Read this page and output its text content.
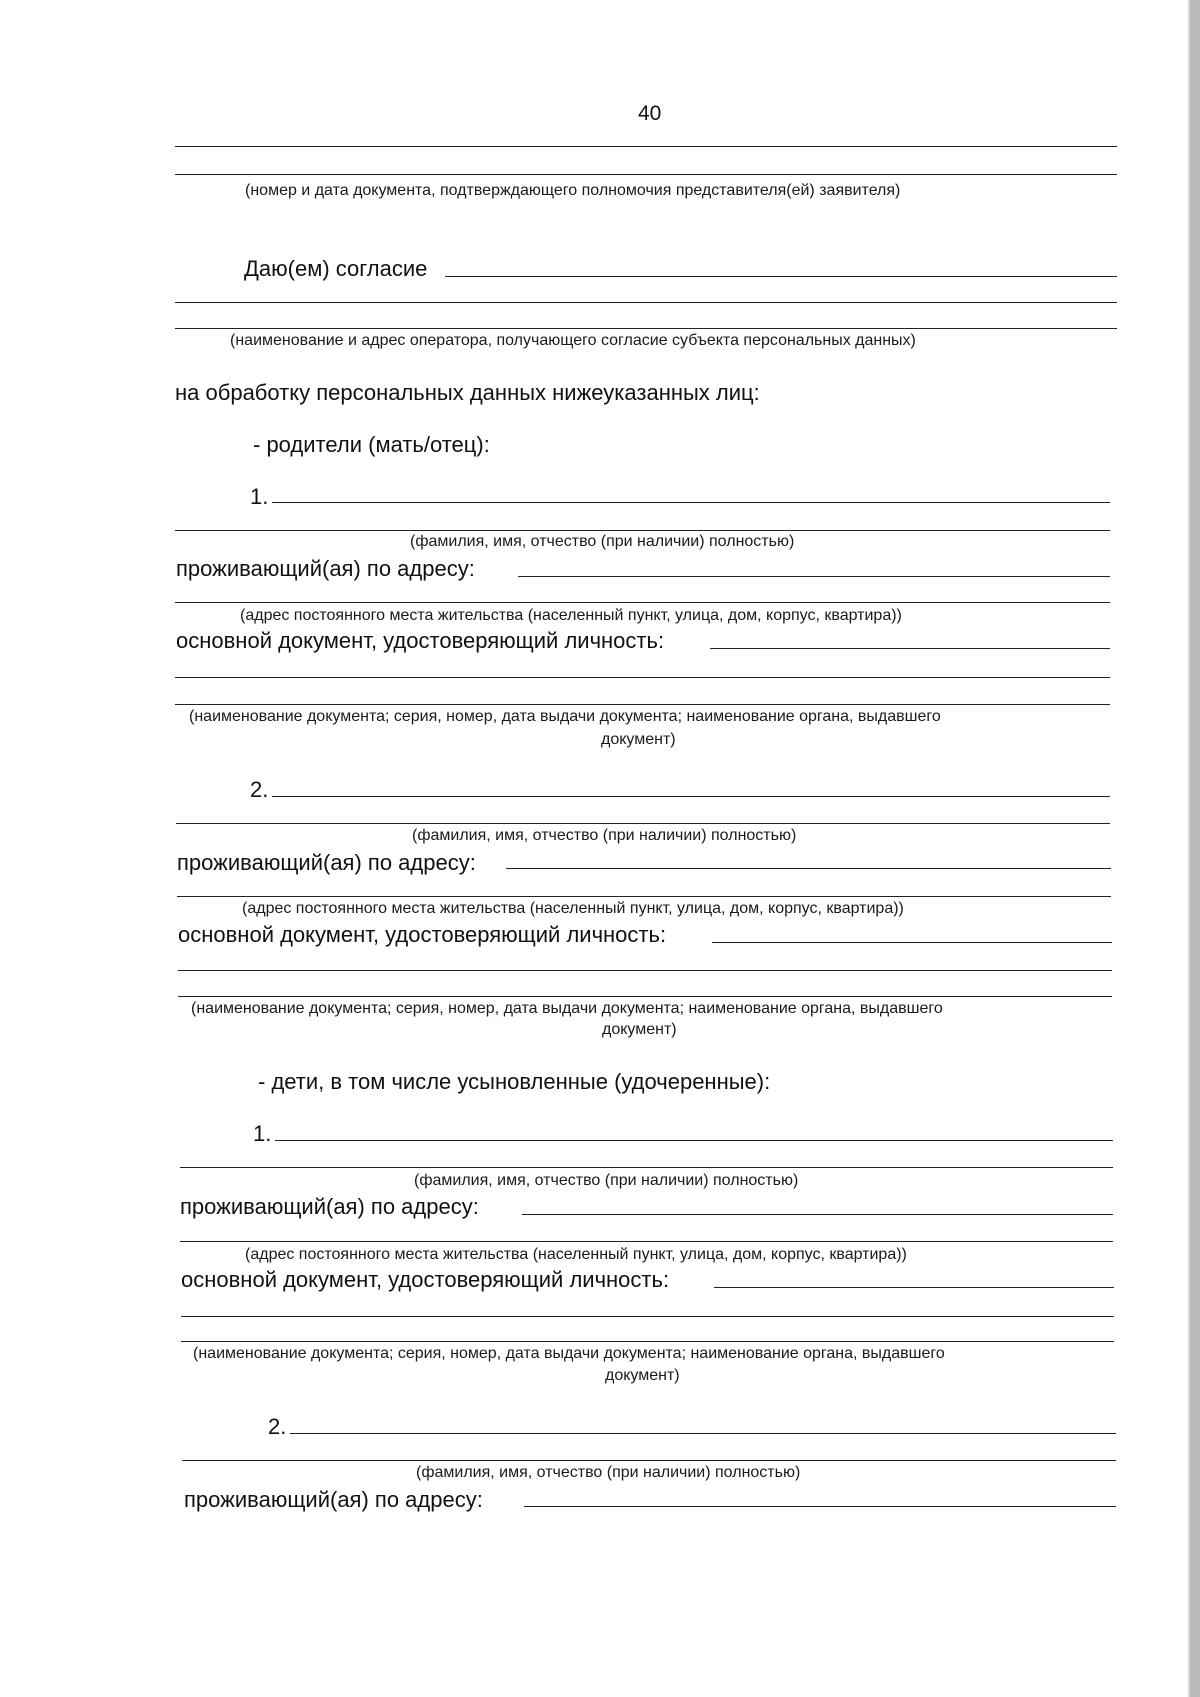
40
(номер и дата документа, подтверждающего полномочия представителя(ей) заявителя)
Даю(ем) согласие
(наименование и адрес оператора, получающего согласие субъекта персональных данных)
на обработку персональных данных нижеуказанных лиц:
- родители (мать/отец):
1.
(фамилия, имя, отчество (при наличии) полностью)
проживающий(ая) по адресу:
(адрес постоянного места жительства (населенный пункт, улица, дом, корпус, квартира))
основной документ, удостоверяющий личность:
(наименование документа; серия, номер, дата выдачи документа; наименование органа, выдавшего
документ)
2.
(фамилия, имя, отчество (при наличии) полностью)
проживающий(ая) по адресу:
(адрес постоянного места жительства (населенный пункт, улица, дом, корпус, квартира))
основной документ, удостоверяющий личность:
(наименование документа; серия, номер, дата выдачи документа; наименование органа, выдавшего
документ)
- дети, в том числе усыновленные (удочеренные):
1.
(фамилия, имя, отчество (при наличии) полностью)
проживающий(ая) по адресу:
(адрес постоянного места жительства (населенный пункт, улица, дом, корпус, квартира))
основной документ, удостоверяющий личность:
(наименование документа; серия, номер, дата выдачи документа; наименование органа, выдавшего
документ)
2.
(фамилия, имя, отчество (при наличии) полностью)
проживающий(ая) по адресу:
